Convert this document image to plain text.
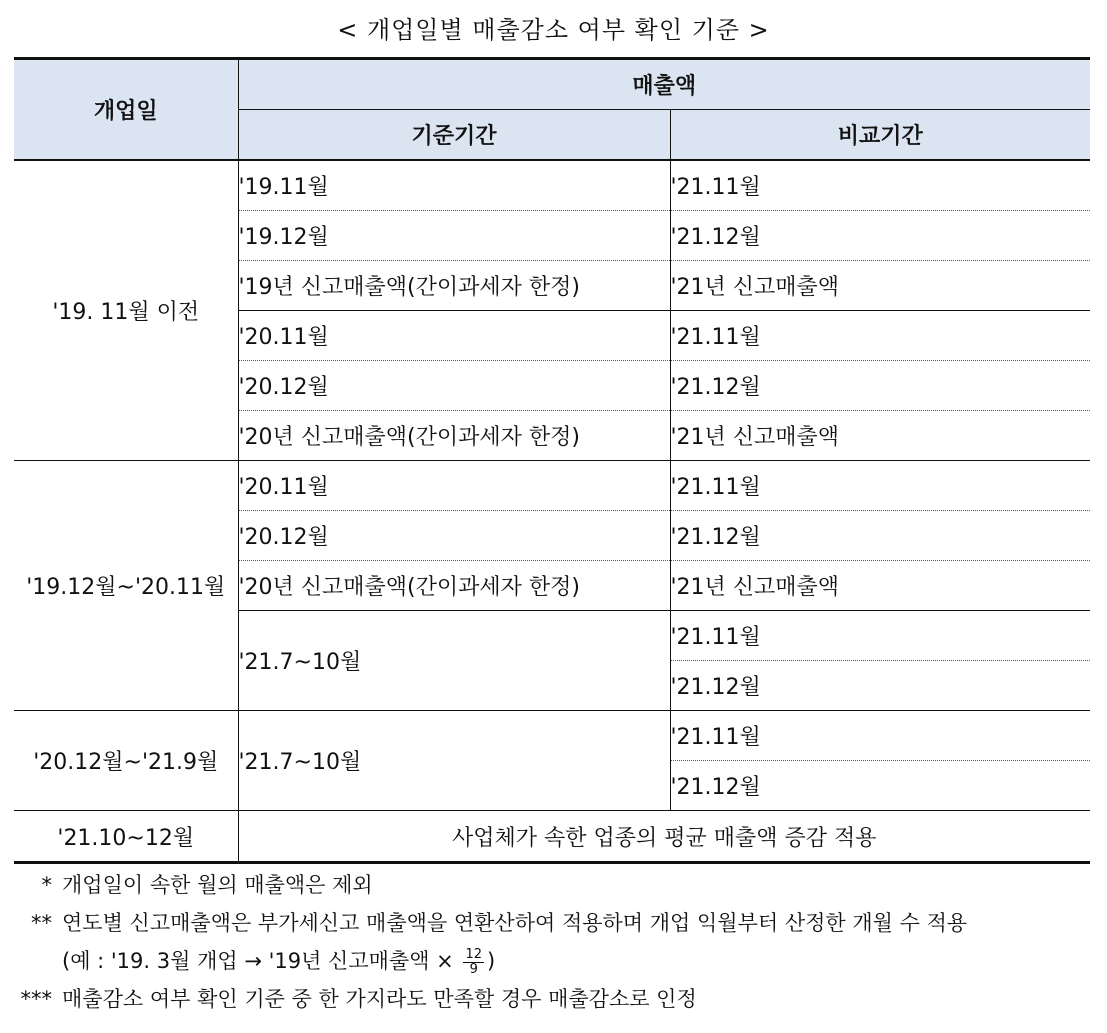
< 개업일별 매출감소 여부 확인 기준 >
개업일	매출액	
	기준기간	비교기간
'19. 11월 이전	'19.11월	'21.11월
	'19.12월	'21.12월
	'19년 신고매출액(간이과세자 한정)	'21년 신고매출액
	'20.11월	'21.11월
	'20.12월	'21.12월
	'20년 신고매출액(간이과세자 한정)	'21년 신고매출액
'19.12월~'20.11월	'20.11월	'21.11월
	'20.12월	'21.12월
	'20년 신고매출액(간이과세자 한정)	'21년 신고매출액
	'21.7~10월	'21.11월
		'21.12월
'20.12월~'21.9월	'21.7~10월	'21.11월
		'21.12월
'21.10~12월	사업체가 속한 업종의 평균 매출액 증감 적용	
* 개업일이 속한 월의 매출액은 제외
** 연도별 신고매출액은 부가세신고 매출액을 연환산하여 적용하며 개업 익월부터 산정한 개월 수 적용
(예 : '19. 3월 개업 → '19년 신고매출액 × $\frac{12}{9}$ )
*** 매출감소 여부 확인 기준 중 한 가지라도 만족할 경우 매출감소로 인정
